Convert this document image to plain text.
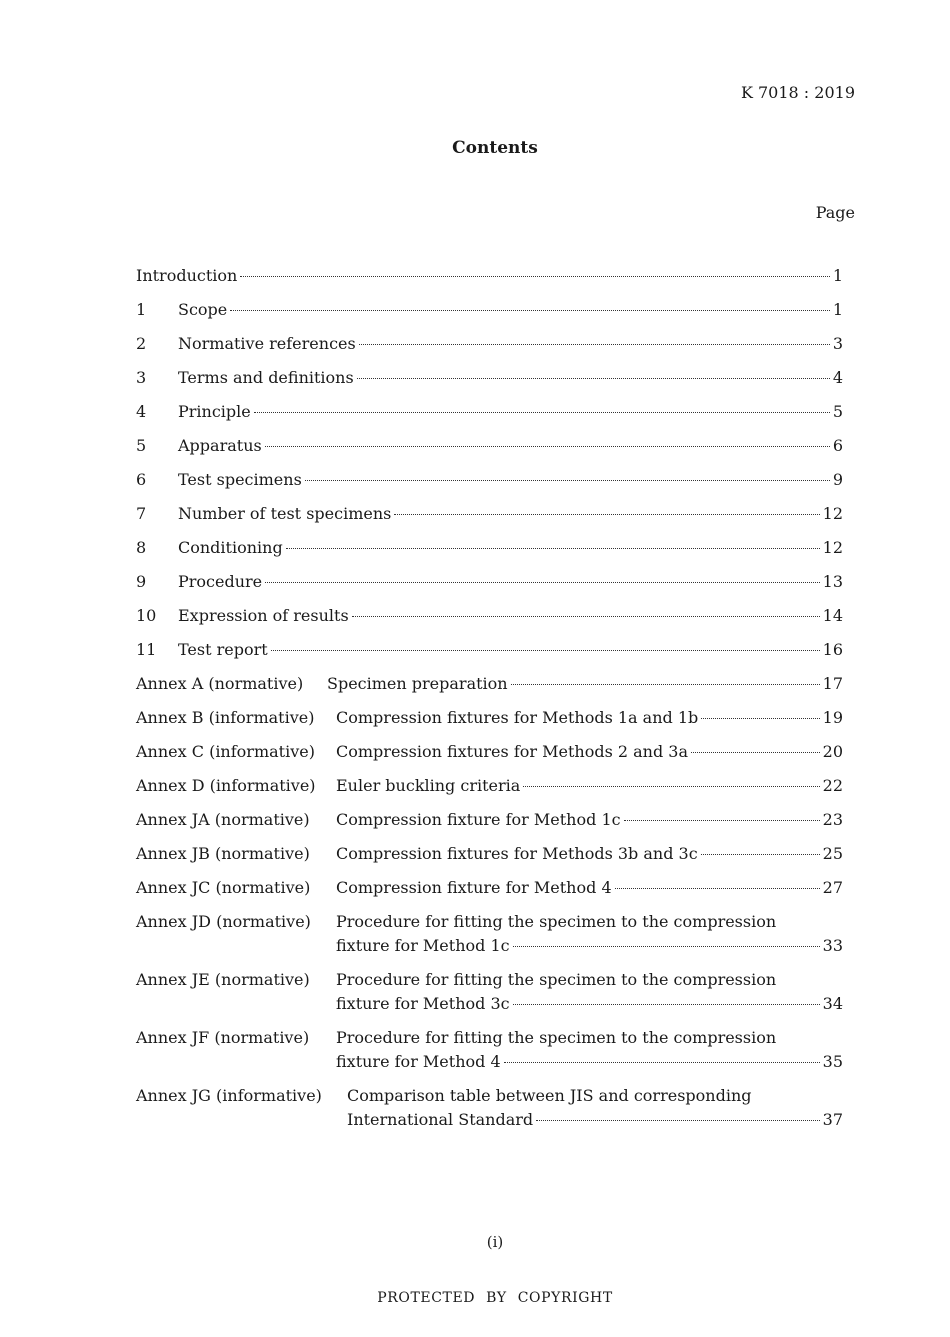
K 7018 : 2019
Contents
Page
Introduction	1
1 Scope	1
2 Normative references	3
3 Terms and definitions	4
4 Principle	5
5 Apparatus	6
6 Test specimens	9
7 Number of test specimens	12
8 Conditioning	12
9 Procedure	13
10 Expression of results	14
11 Test report	16
Annex A (normative) Specimen preparation	17
Annex B (informative) Compression fixtures for Methods 1a and 1b	19
Annex C (informative) Compression fixtures for Methods 2 and 3a	20
Annex D (informative) Euler buckling criteria	22
Annex JA (normative) Compression fixture for Method 1c	23
Annex JB (normative) Compression fixtures for Methods 3b and 3c	25
Annex JC (normative) Compression fixture for Method 4	27
Annex JD (normative) Procedure for fitting the specimen to the compression
fixture for Method 1c	33
Annex JE (normative) Procedure for fitting the specimen to the compression
fixture for Method 3c	34
Annex JF (normative) Procedure for fitting the specimen to the compression
fixture for Method 4	35
Annex JG (informative) Comparison table between JIS and corresponding
International Standard	37
(i)
PROTECTED BY COPYRIGHT
